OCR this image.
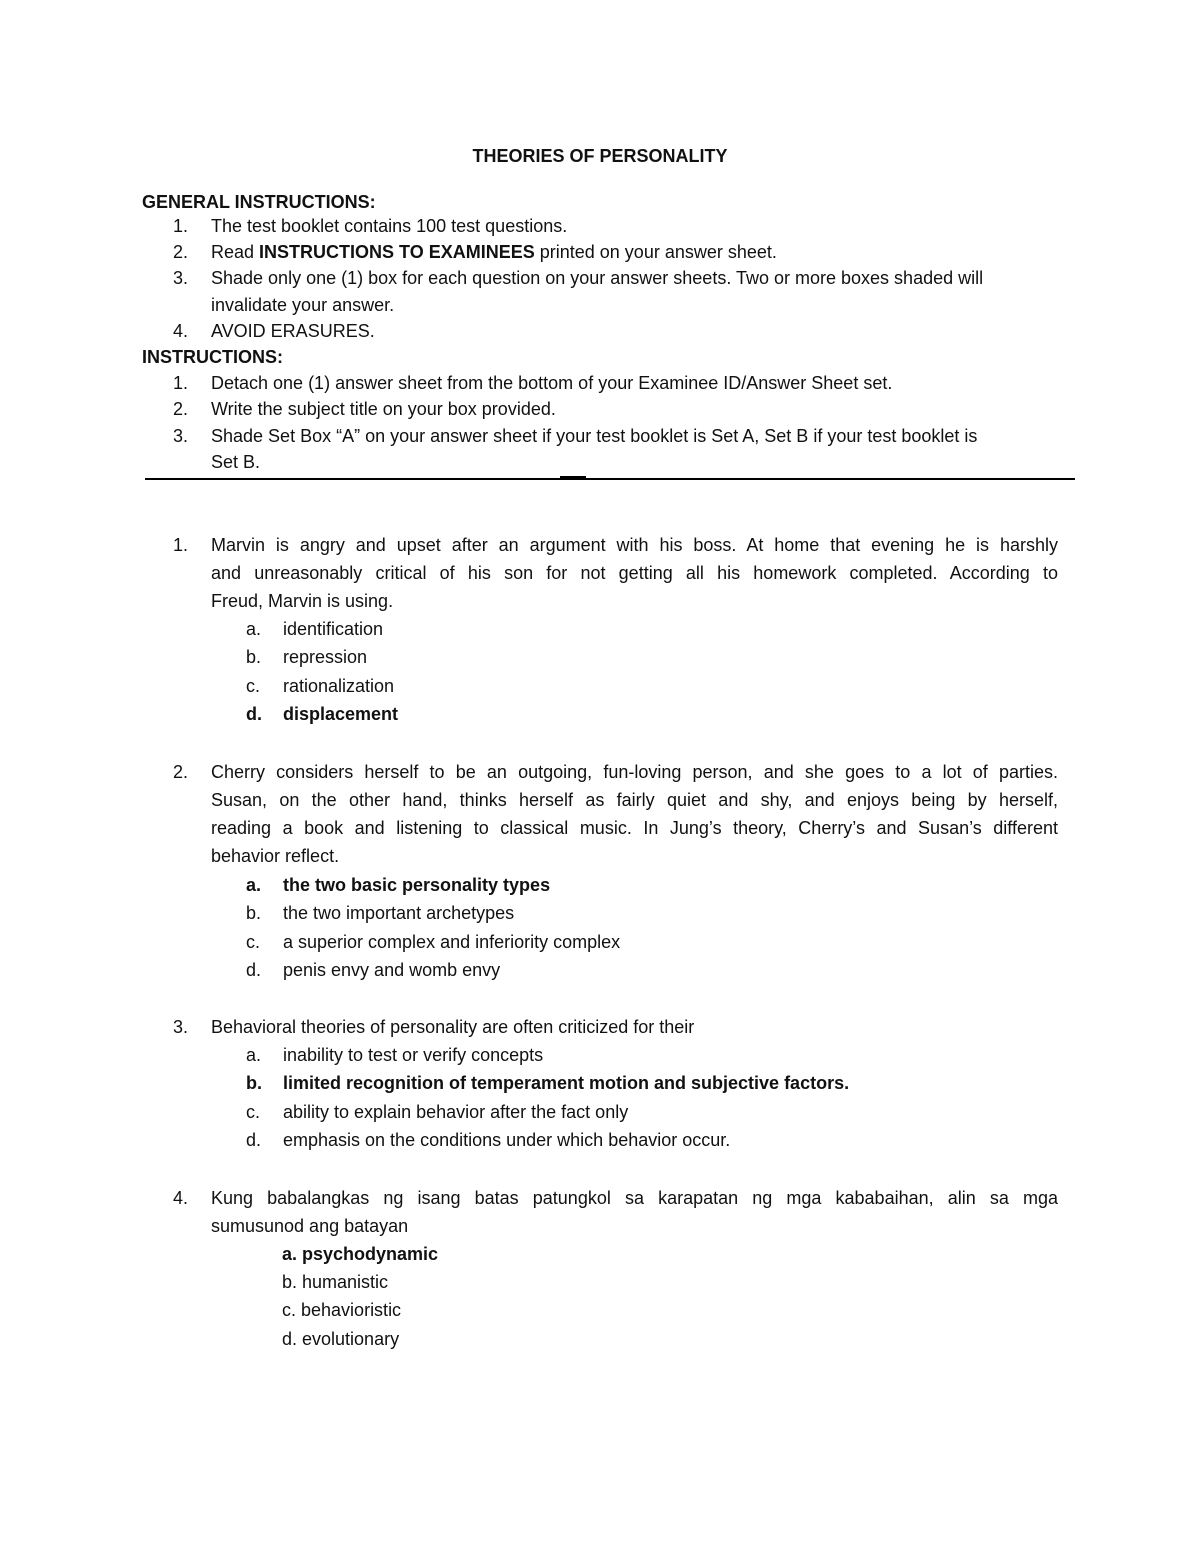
THEORIES OF PERSONALITY
GENERAL INSTRUCTIONS:
1. The test booklet contains 100 test questions.
2. Read INSTRUCTIONS TO EXAMINEES printed on your answer sheet.
3. Shade only one (1) box for each question on your answer sheets. Two or more boxes shaded will
invalidate your answer.
4. AVOID ERASURES.
INSTRUCTIONS:
1. Detach one (1) answer sheet from the bottom of your Examinee ID/Answer Sheet set.
2. Write the subject title on your box provided.
3. Shade Set Box “A” on your answer sheet if your test booklet is Set A, Set B if your test booklet is
Set B.
1. Marvin is angry and upset after an argument with his boss. At home that evening he is harshly
and unreasonably critical of his son for not getting all his homework completed. According to
Freud, Marvin is using.
a. identification
b. repression
c. rationalization
d. displacement
2. Cherry considers herself to be an outgoing, fun-loving person, and she goes to a lot of parties.
Susan, on the other hand, thinks herself as fairly quiet and shy, and enjoys being by herself,
reading a book and listening to classical music. In Jung’s theory, Cherry’s and Susan’s different
behavior reflect.
a. the two basic personality types
b. the two important archetypes
c. a superior complex and inferiority complex
d. penis envy and womb envy
3. Behavioral theories of personality are often criticized for their
a. inability to test or verify concepts
b. limited recognition of temperament motion and subjective factors.
c. ability to explain behavior after the fact only
d. emphasis on the conditions under which behavior occur.
4. Kung babalangkas ng isang batas patungkol sa karapatan ng mga kababaihan, alin sa mga
sumusunod ang batayan
a. psychodynamic
b. humanistic
c. behavioristic
d. evolutionary
